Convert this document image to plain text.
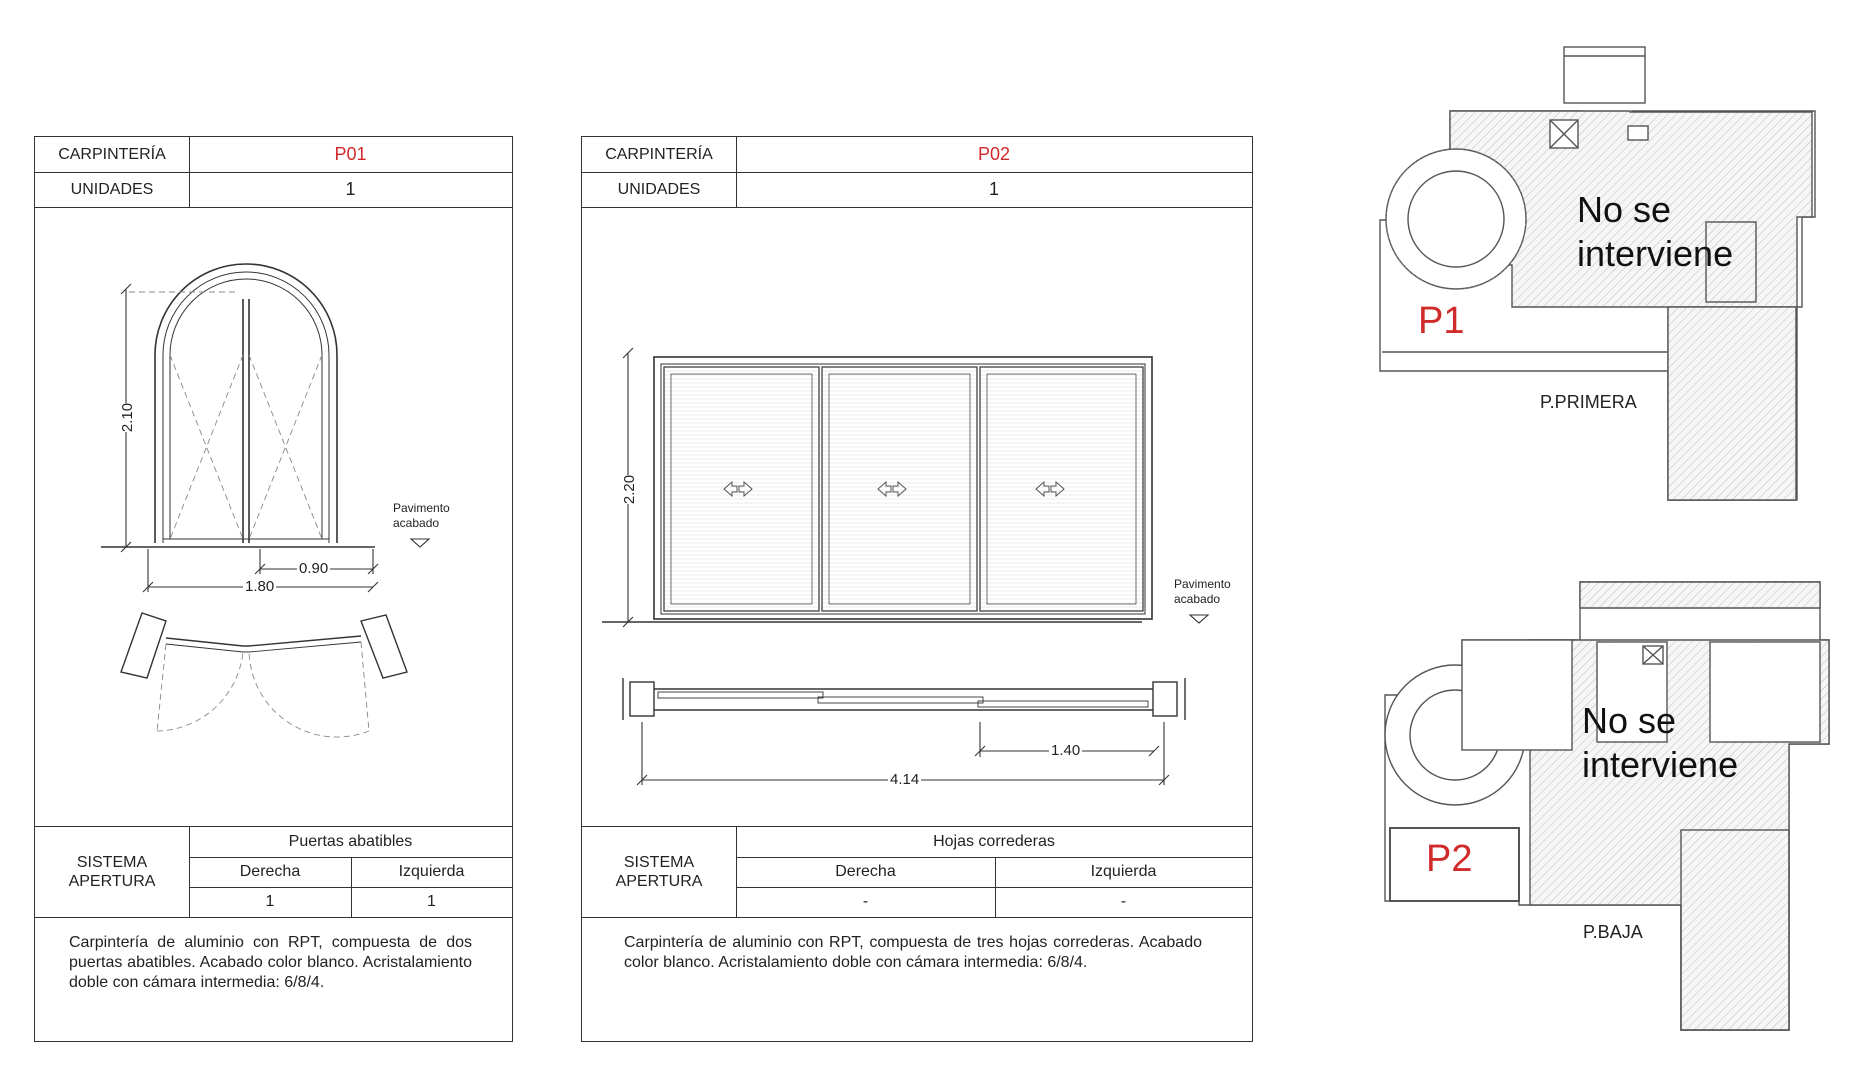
CARPINTERÍA	P01
UNIDADES	1
2.10
0.90
1.80
Pavimento
acabado
SISTEMA
APERTURA
Puertas abatibles
Derecha	Izquierda
1	1
Carpintería de aluminio con RPT, compuesta de dos puertas abatibles. Acabado color blanco. Acristalamiento doble con cámara intermedia: 6/8/4.
CARPINTERÍA	P02
UNIDADES	1
2.20
1.40
4.14
Pavimento
acabado
SISTEMA
APERTURA
Hojas correderas
Derecha	Izquierda
-	-
Carpintería de aluminio con RPT, compuesta de tres hojas correderas. Acabado color blanco. Acristalamiento doble con cámara intermedia: 6/8/4.
No se
interviene
P1
P.PRIMERA
No se
interviene
P2
P.BAJA
